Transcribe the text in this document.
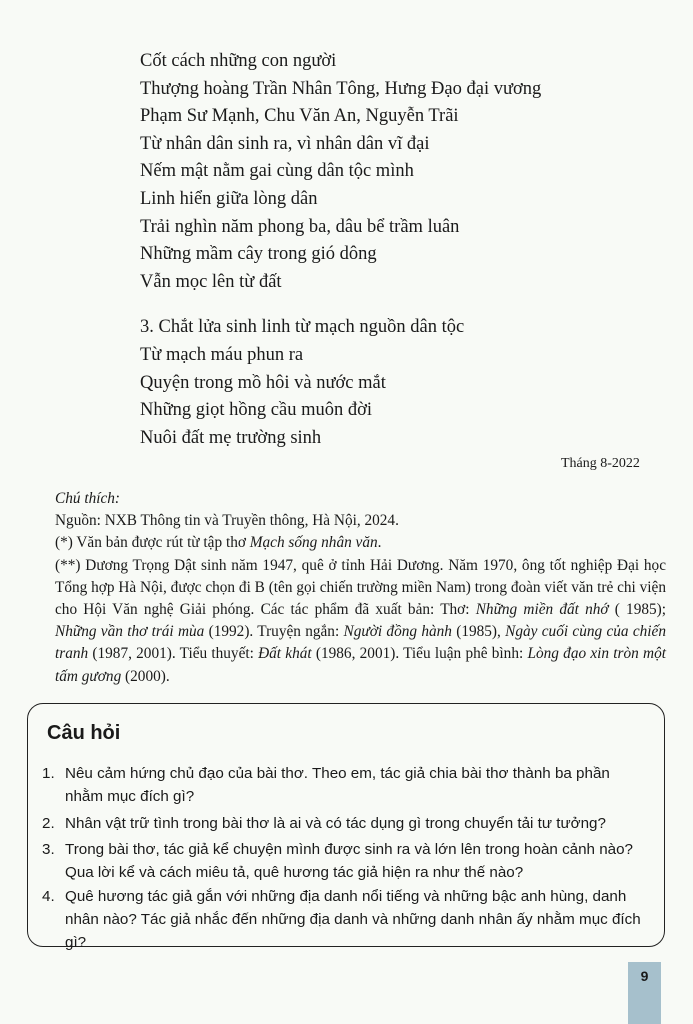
Cốt cách những con người
Thượng hoàng Trần Nhân Tông, Hưng Đạo đại vương
Phạm Sư Mạnh, Chu Văn An, Nguyễn Trãi
Từ nhân dân sinh ra, vì nhân dân vĩ đại
Nếm mật nằm gai cùng dân tộc mình
Linh hiển giữa lòng dân
Trải nghìn năm phong ba, dâu bể trầm luân
Những mầm cây trong gió dông
Vẫn mọc lên từ đất
3. Chắt lửa sinh linh từ mạch nguồn dân tộc
Từ mạch máu phun ra
Quyện trong mồ hôi và nước mắt
Những giọt hồng cầu muôn đời
Nuôi đất mẹ trường sinh
Tháng 8-2022

Chú thích:

Nguồn: NXB Thông tin và Truyền thông, Hà Nội, 2024.

(*) Văn bản được rút từ tập thơ Mạch sống nhân văn.

(**) Dương Trọng Dật sinh năm 1947, quê ở tỉnh Hải Dương. Năm 1970, ông tốt nghiệp Đại học Tổng hợp Hà Nội, được chọn đi B (tên gọi chiến trường miền Nam) trong đoàn viết văn trẻ chi viện cho Hội Văn nghệ Giải phóng. Các tác phẩm đã xuất bản: Thơ: Những miền đất nhớ ( 1985); Những vần thơ trái mùa (1992). Truyện ngắn: Người đồng hành (1985), Ngày cuối cùng của chiến tranh (1987, 2001). Tiểu thuyết: Đất khát (1986, 2001). Tiểu luận phê bình: Lòng đạo xin tròn một tấm gương (2000).

Câu hỏi
1. Nêu cảm hứng chủ đạo của bài thơ. Theo em, tác giả chia bài thơ thành ba phần nhằm mục đích gì?
2. Nhân vật trữ tình trong bài thơ là ai và có tác dụng gì trong chuyển tải tư tưởng?
3. Trong bài thơ, tác giả kể chuyện mình được sinh ra và lớn lên trong hoàn cảnh nào? Qua lời kể và cách miêu tả, quê hương tác giả hiện ra như thế nào?
4. Quê hương tác giả gắn với những địa danh nổi tiếng và những bậc anh hùng, danh nhân nào? Tác giả nhắc đến những địa danh và những danh nhân ấy nhằm mục đích gì?
9
